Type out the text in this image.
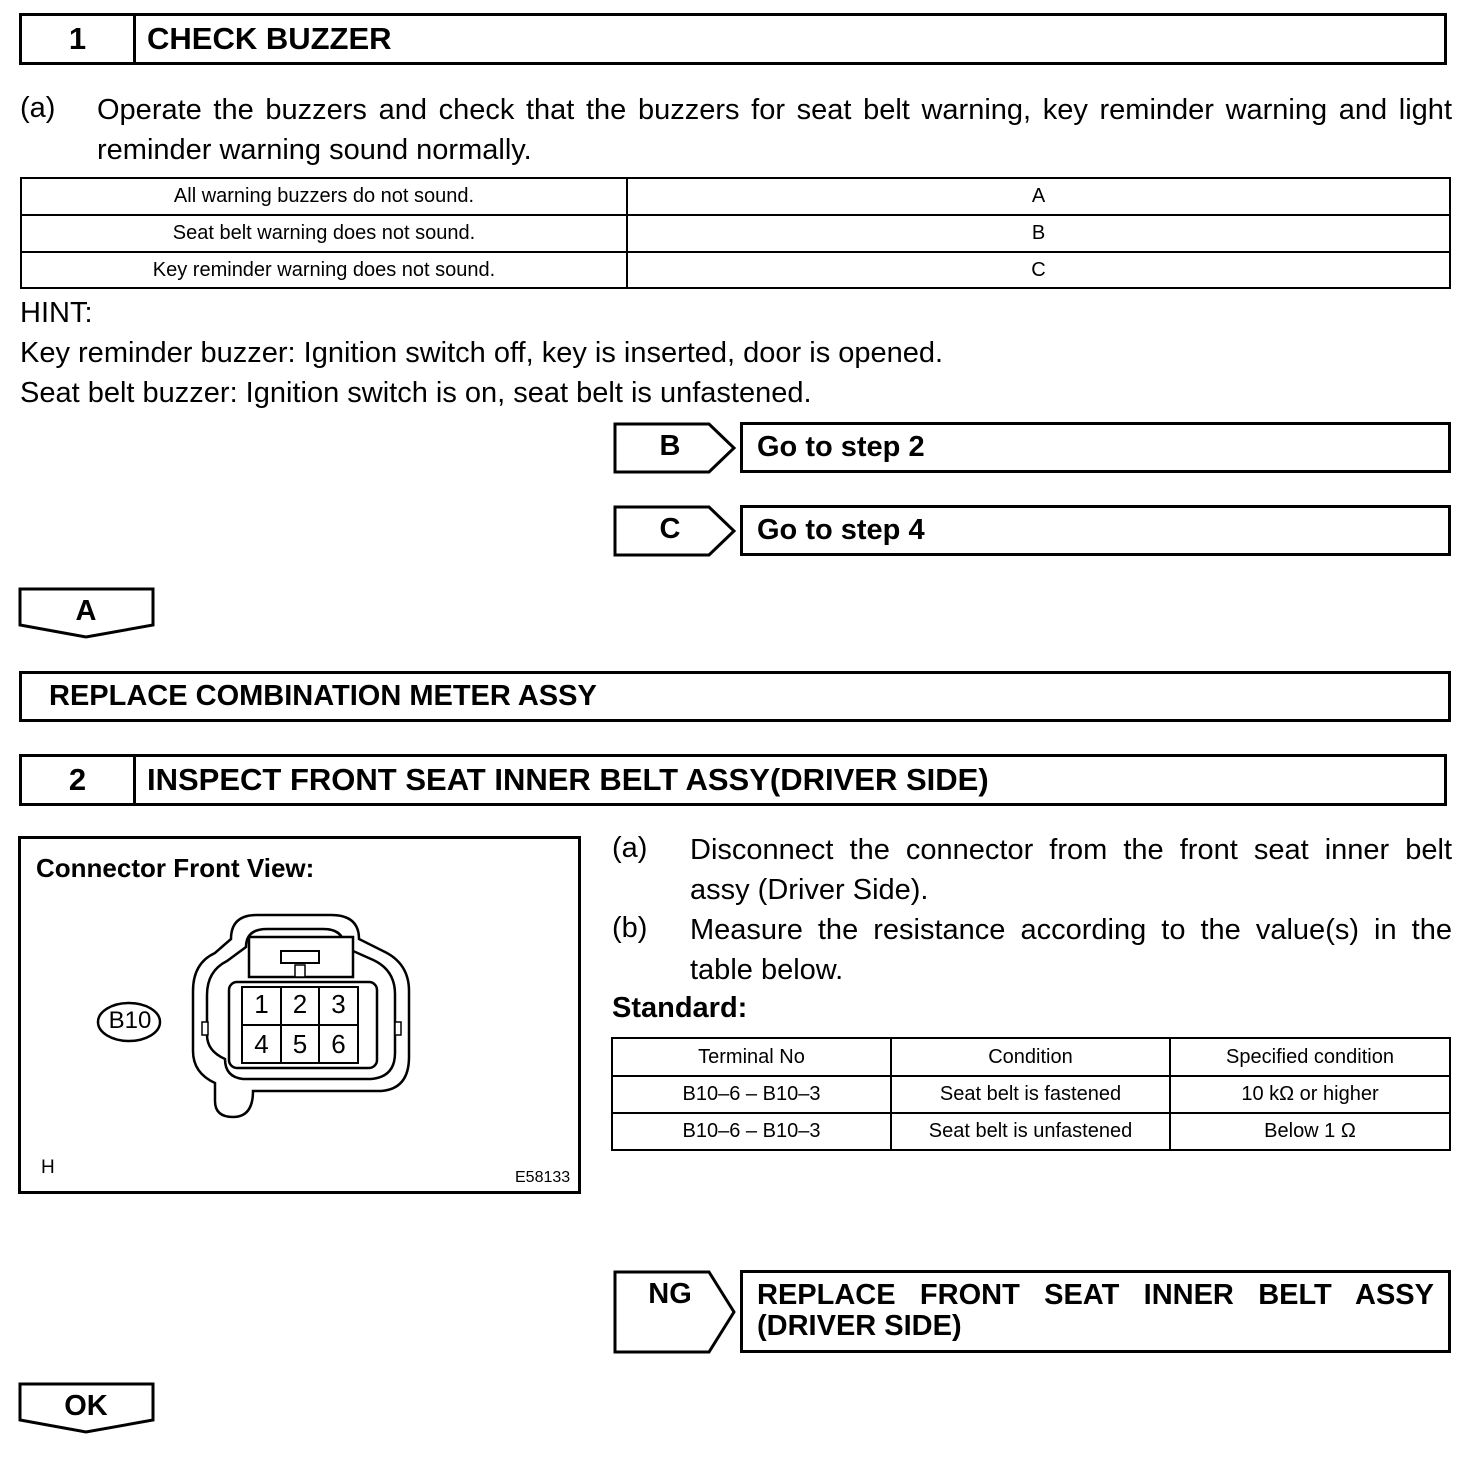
1	CHECK BUZZER
(a) Operate the buzzers and check that the buzzers for seat belt warning, key reminder warning and light
reminder warning sound normally.
All warning buzzers do not sound.	A
Seat belt warning does not sound.	B
Key reminder warning does not sound.	C
HINT:
Key reminder buzzer: Ignition switch off, key is inserted, door is opened.
Seat belt buzzer: Ignition switch is on, seat belt is unfastened.
B	Go to step 2
C	Go to step 4
A
REPLACE COMBINATION METER ASSY
2	INSPECT FRONT SEAT INNER BELT ASSY(DRIVER SIDE)
Connector Front View:
H	E58133
B10
1 2 3
4 5 6
(a) Disconnect the connector from the front seat inner belt
assy (Driver Side).
(b) Measure the resistance according to the value(s) in the
table below.
Standard:
Terminal No	Condition	Specified condition
B10–6 – B10–3	Seat belt is fastened	10 kΩ or higher
B10–6 – B10–3	Seat belt is unfastened	Below 1 Ω
NG	REPLACE FRONT SEAT INNER BELT ASSY
(DRIVER SIDE)
OK
